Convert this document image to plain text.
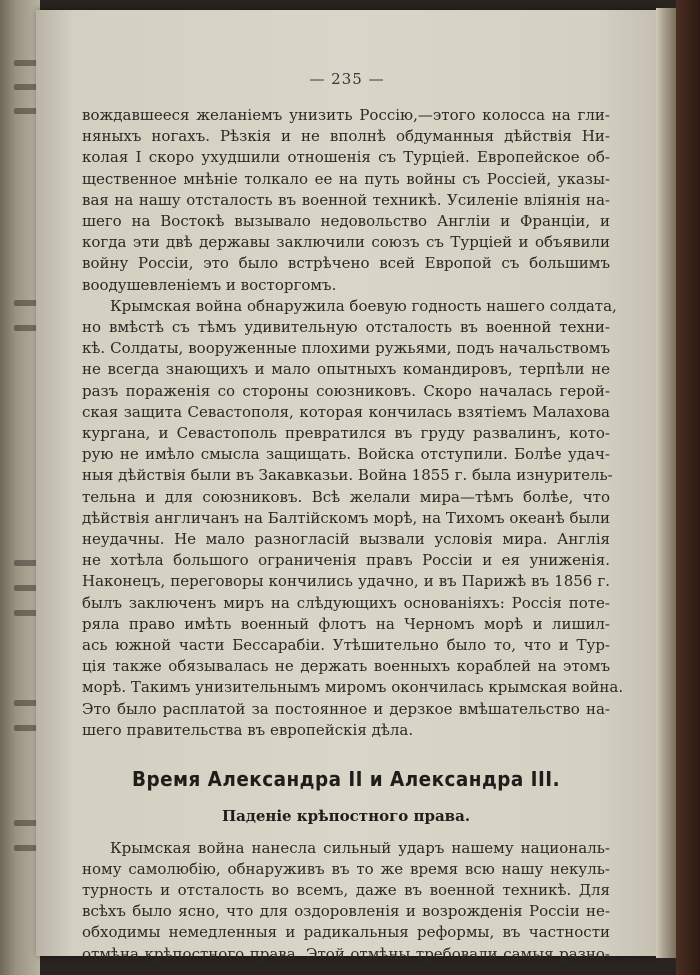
— 235 —
вождавшееся желаніемъ унизить Россію,—этого колосса на гли-
няныхъ ногахъ. Рѣзкія и не вполнѣ обдуманныя дѣйствія Ни-
колая I скоро ухудшили отношенія съ Турціей. Европейское об-
щественное мнѣніе толкало ее на путь войны съ Россіей, указы-
вая на нашу отсталость въ военной техникѣ. Усиленіе вліянія на-
шего на Востокѣ вызывало недовольство Англіи и Франціи, и
когда эти двѣ державы заключили союзъ съ Турціей и объявили
войну Россіи, это было встрѣчено всей Европой съ большимъ
воодушевленіемъ и восторгомъ.
Крымская война обнаружила боевую годность нашего солдата,
но вмѣстѣ съ тѣмъ удивительную отсталость въ военной техни-
кѣ. Солдаты, вооруженные плохими ружьями, подъ начальствомъ
не всегда знающихъ и мало опытныхъ командировъ, терпѣли не
разъ пораженія со стороны союзниковъ. Скоро началась герой-
ская защита Севастополя, которая кончилась взятіемъ Малахова
кургана, и Севастополь превратился въ груду развалинъ, кото-
рую не имѣло смысла защищать. Войска отступили. Болѣе удач-
ныя дѣйствія были въ Закавказьи. Война 1855 г. была изнуритель-
тельна и для союзниковъ. Всѣ желали мира—тѣмъ болѣе, что
дѣйствія англичанъ на Балтійскомъ морѣ, на Тихомъ океанѣ были
неудачны. Не мало разногласій вызвали условія мира. Англія
не хотѣла большого ограниченія правъ Россіи и ея униженія.
Наконецъ, переговоры кончились удачно, и въ Парижѣ въ 1856 г.
былъ заключенъ миръ на слѣдующихъ основаніяхъ: Россія поте-
ряла право имѣть военный флотъ на Черномъ морѣ и лишил-
ась южной части Бессарабіи. Утѣшительно было то, что и Тур-
ція также обязывалась не держать военныхъ кораблей на этомъ
морѣ. Такимъ унизительнымъ миромъ окончилась крымская война.
Это было расплатой за постоянное и дерзкое вмѣшательство на-
шего правительства въ европейскія дѣла.
Время Александра II и Александра III.
Паденіе крѣпостного права.
Крымская война нанесла сильный ударъ нашему националь-
ному самолюбію, обнаруживъ въ то же время всю нашу некуль-
турность и отсталость во всемъ, даже въ военной техникѣ. Для
всѣхъ было ясно, что для оздоровленія и возрожденія Россіи не-
обходимы немедленныя и радикальныя реформы, въ частности
отмѣна крѣпостного права. Этой отмѣны требовали самыя разно-
